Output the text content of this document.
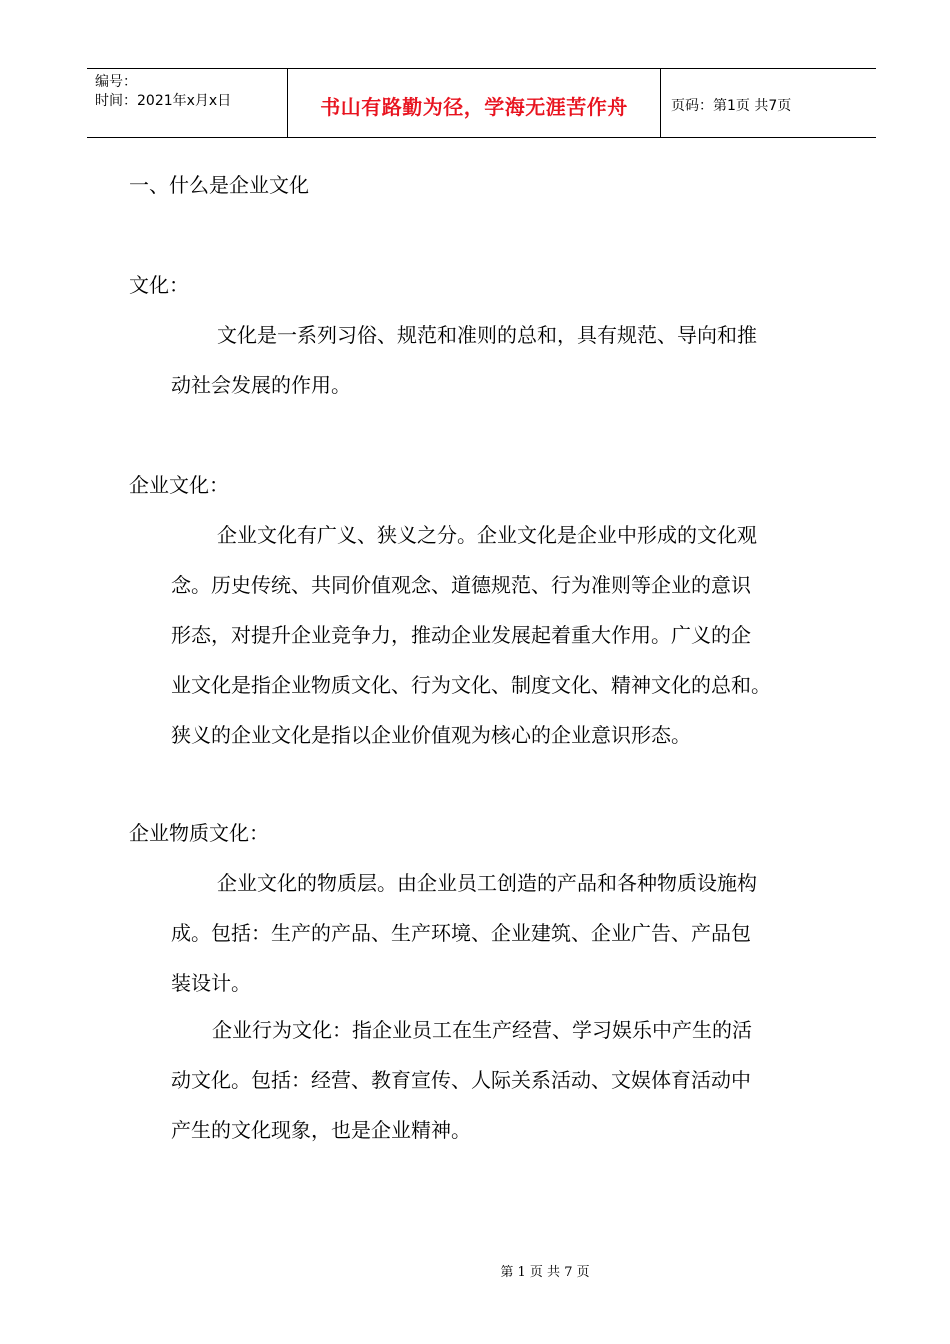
编号：
时间：2021年x月x日	书山有路勤为径，学海无涯苦作舟	页码：第1页 共7页
一、什么是企业文化
文化：
文化是一系列习俗、规范和准则的总和，具有规范、导向和推
动社会发展的作用。
企业文化：
企业文化有广义、狭义之分。企业文化是企业中形成的文化观
念。历史传统、共同价值观念、道德规范、行为准则等企业的意识
形态，对提升企业竞争力，推动企业发展起着重大作用。广义的企
业文化是指企业物质文化、行为文化、制度文化、精神文化的总和。
狭义的企业文化是指以企业价值观为核心的企业意识形态。
企业物质文化：
企业文化的物质层。由企业员工创造的产品和各种物质设施构
成。包括：生产的产品、生产环境、企业建筑、企业广告、产品包
装设计。
企业行为文化：指企业员工在生产经营、学习娱乐中产生的活
动文化。包括：经营、教育宣传、人际关系活动、文娱体育活动中
产生的文化现象，也是企业精神。
第 1 页 共 7 页
